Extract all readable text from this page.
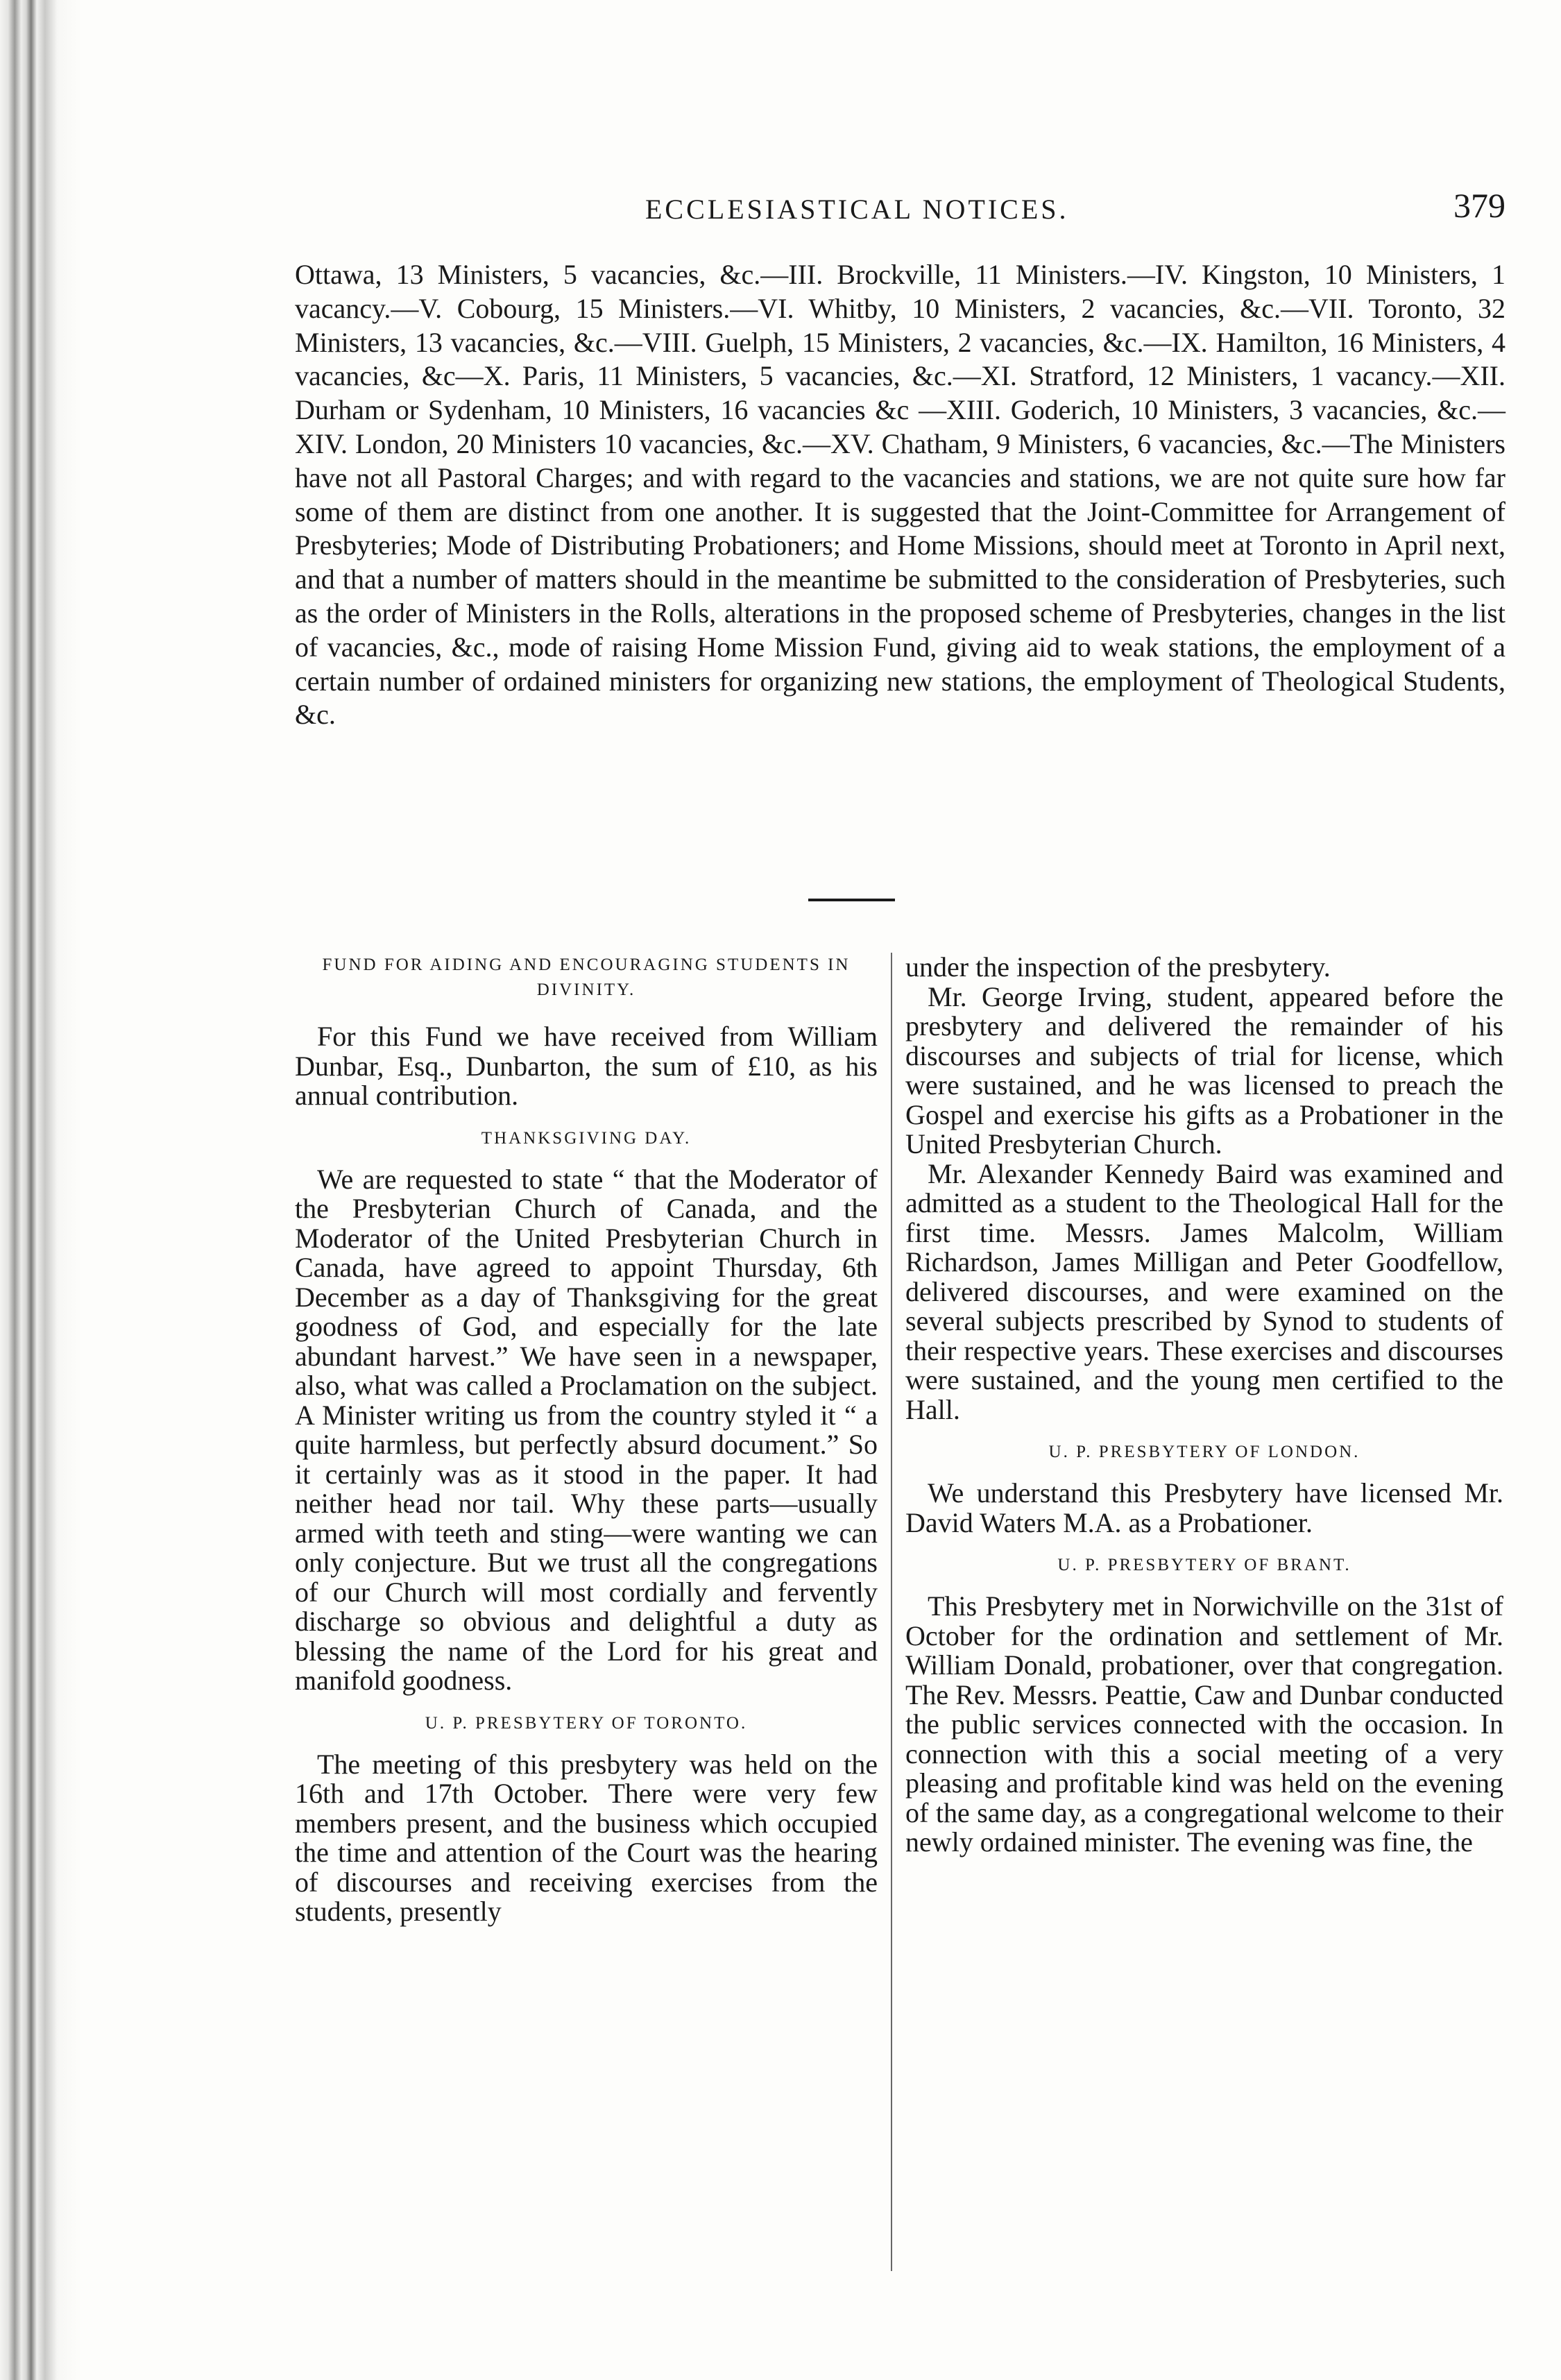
ECCLESIASTICAL NOTICES.	379

Ottawa, 13 Ministers, 5 vacancies, &c.—III. Brockville, 11 Ministers.—IV. Kingston, 10 Ministers, 1 vacancy.—V. Cobourg, 15 Ministers.—VI. Whitby, 10 Ministers, 2 vacancies, &c.—VII. Toronto, 32 Ministers, 13 vacancies, &c.—VIII. Guelph, 15 Ministers, 2 vacancies, &c.—IX. Hamilton, 16 Ministers, 4 vacancies, &c—X. Paris, 11 Ministers, 5 vacancies, &c.—XI. Stratford, 12 Ministers, 1 vacancy.—XII. Durham or Sydenham, 10 Ministers, 16 vacancies &c —XIII. Goderich, 10 Ministers, 3 vacancies, &c.—XIV. London, 20 Ministers 10 vacancies, &c.—XV. Chatham, 9 Ministers, 6 vacancies, &c.—The Ministers have not all Pastoral Charges; and with regard to the vacancies and stations, we are not quite sure how far some of them are distinct from one another. It is suggested that the Joint-Committee for Arrangement of Presbyteries; Mode of Distributing Probationers; and Home Missions, should meet at Toronto in April next, and that a number of matters should in the meantime be submitted to the consideration of Presbyteries, such as the order of Ministers in the Rolls, alterations in the proposed scheme of Presbyteries, changes in the list of vacancies, &c., mode of raising Home Mission Fund, giving aid to weak stations, the employment of a certain number of ordained ministers for organizing new stations, the employment of Theological Students, &c.

FUND FOR AIDING AND ENCOURAGING STUDENTS IN DIVINITY.

For this Fund we have received from William Dunbar, Esq., Dunbarton, the sum of £10, as his annual contribution.

THANKSGIVING DAY.

We are requested to state “ that the Moderator of the Presbyterian Church of Canada, and the Moderator of the United Presbyterian Church in Canada, have agreed to appoint Thursday, 6th December as a day of Thanksgiving for the great goodness of God, and especially for the late abundant harvest.” We have seen in a newspaper, also, what was called a Proclamation on the subject. A Minister writing us from the country styled it “ a quite harmless, but perfectly absurd document.” So it certainly was as it stood in the paper. It had neither head nor tail. Why these parts—usually armed with teeth and sting—were wanting we can only conjecture. But we trust all the congregations of our Church will most cordially and fervently discharge so obvious and delightful a duty as blessing the name of the Lord for his great and manifold goodness.

U. P. PRESBYTERY OF TORONTO.

The meeting of this presbytery was held on the 16th and 17th October. There were very few members present, and the business which occupied the time and attention of the Court was the hearing of discourses and receiving exercises from the students, presently

under the inspection of the presbytery.

Mr. George Irving, student, appeared before the presbytery and delivered the remainder of his discourses and subjects of trial for license, which were sustained, and he was licensed to preach the Gospel and exercise his gifts as a Probationer in the United Presbyterian Church.

Mr. Alexander Kennedy Baird was examined and admitted as a student to the Theological Hall for the first time. Messrs. James Malcolm, William Richardson, James Milligan and Peter Goodfellow, delivered discourses, and were examined on the several subjects prescribed by Synod to students of their respective years. These exercises and discourses were sustained, and the young men certified to the Hall.

U. P. PRESBYTERY OF LONDON.

We understand this Presbytery have licensed Mr. David Waters M.A. as a Probationer.

U. P. PRESBYTERY OF BRANT.

This Presbytery met in Norwichville on the 31st of October for the ordination and settlement of Mr. William Donald, probationer, over that congregation. The Rev. Messrs. Peattie, Caw and Dunbar conducted the public services connected with the occasion. In connection with this a social meeting of a very pleasing and profitable kind was held on the evening of the same day, as a congregational welcome to their newly ordained minister. The evening was fine, the
